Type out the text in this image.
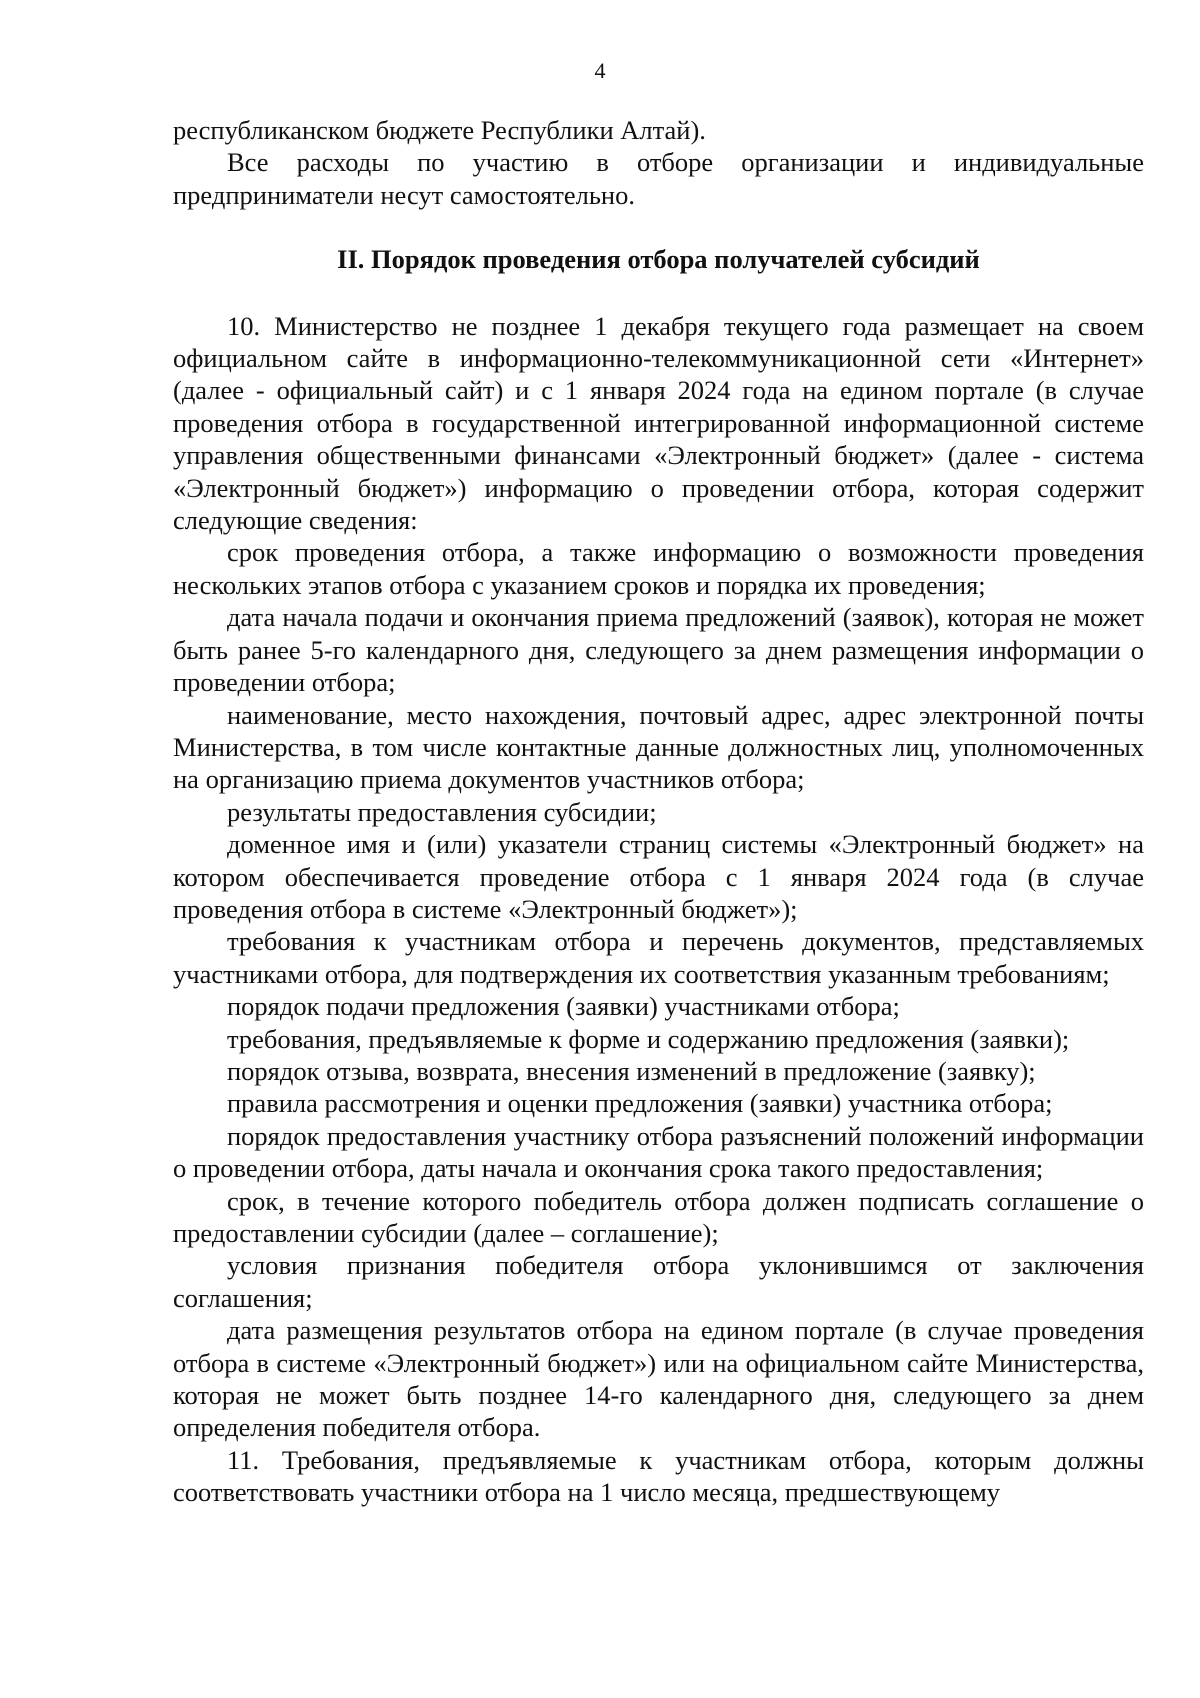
4

республиканском бюджете Республики Алтай).

Все расходы по участию в отборе организации и индивидуальные предприниматели несут самостоятельно.

II. Порядок проведения отбора получателей субсидий

10. Министерство не позднее 1 декабря текущего года размещает на своем официальном сайте в информационно-телекоммуникационной сети «Интернет» (далее - официальный сайт) и с 1 января 2024 года на едином портале (в случае проведения отбора в государственной интегрированной информационной системе управления общественными финансами «Электронный бюджет» (далее - система «Электронный бюджет») информацию о проведении отбора, которая содержит следующие сведения:

срок проведения отбора, а также информацию о возможности проведения нескольких этапов отбора с указанием сроков и порядка их проведения;

дата начала подачи и окончания приема предложений (заявок), которая не может быть ранее 5-го календарного дня, следующего за днем размещения информации о проведении отбора;

наименование, место нахождения, почтовый адрес, адрес электронной почты Министерства, в том числе контактные данные должностных лиц, уполномоченных на организацию приема документов участников отбора;

результаты предоставления субсидии;

доменное имя и (или) указатели страниц системы «Электронный бюджет» на котором обеспечивается проведение отбора с 1 января 2024 года (в случае проведения отбора в системе «Электронный бюджет»);

требования к участникам отбора и перечень документов, представляемых участниками отбора, для подтверждения их соответствия указанным требованиям;

порядок подачи предложения (заявки) участниками отбора;

требования, предъявляемые к форме и содержанию предложения (заявки);

порядок отзыва, возврата, внесения изменений в предложение (заявку);

правила рассмотрения и оценки предложения (заявки) участника отбора;

порядок предоставления участнику отбора разъяснений положений информации о проведении отбора, даты начала и окончания срока такого предоставления;

срок, в течение которого победитель отбора должен подписать соглашение о предоставлении субсидии (далее – соглашение);

условия признания победителя отбора уклонившимся от заключения соглашения;

дата размещения результатов отбора на едином портале (в случае проведения отбора в системе «Электронный бюджет») или на официальном сайте Министерства, которая не может быть позднее 14-го календарного дня, следующего за днем определения победителя отбора.

11. Требования, предъявляемые к участникам отбора, которым должны соответствовать участники отбора на 1 число месяца, предшествующему
